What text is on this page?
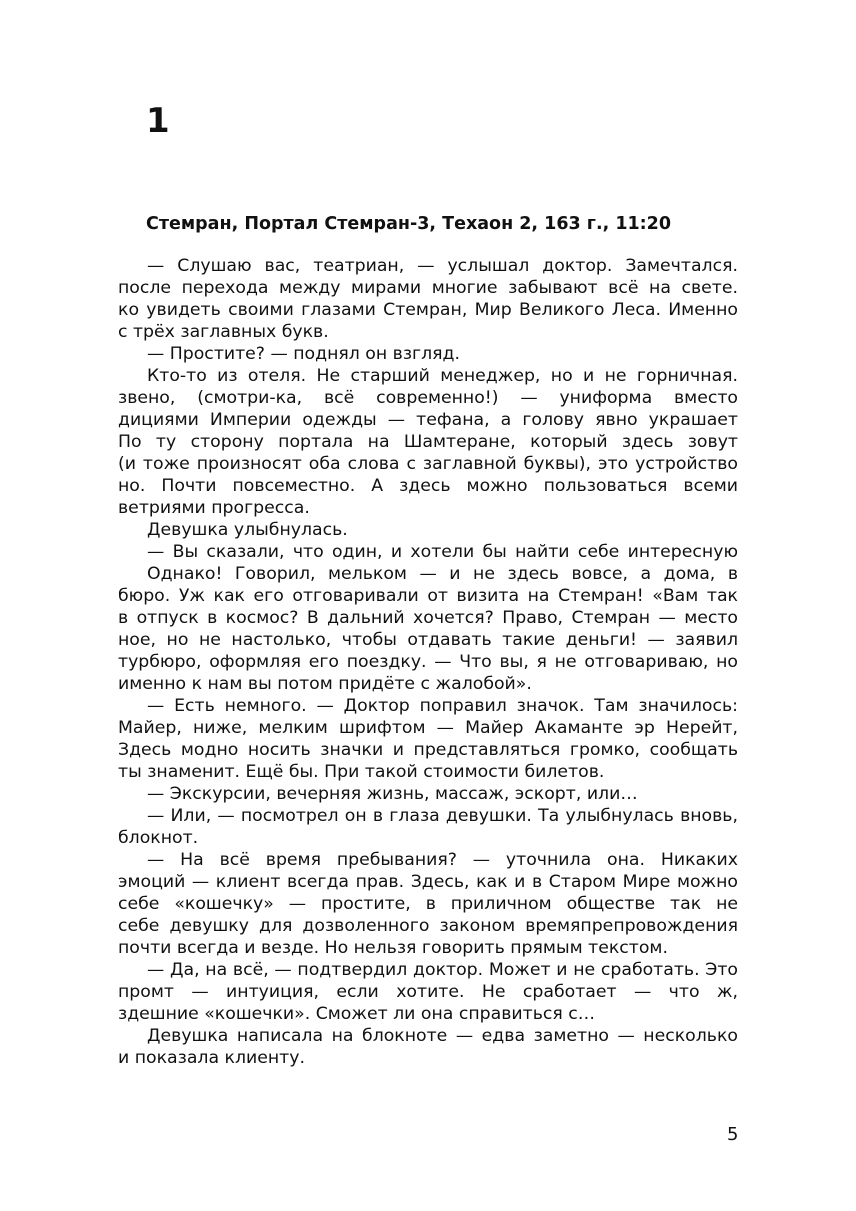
1
Стемран, Портал Стемран-3, Техаон 2, 163 г., 11:20
— Слушаю вас, театриан, — услышал доктор. Замечтался.
после перехода между мирами многие забывают всё на свете.
ко увидеть своими глазами Стемран, Мир Великого Леса. Именно
с трёх заглавных букв.
— Простите? — поднял он взгляд.
Кто-то из отеля. Не старший менеджер, но и не горничная.
звено, (смотри-ка, всё современно!) — униформа вместо
дициями Империи одежды — тефана, а голову явно украшает
По ту сторону портала на Шамтеране, который здесь зовут
(и тоже произносят оба слова с заглавной буквы), это устройство
но. Почти повсеместно. А здесь можно пользоваться всеми
ветриями прогресса.
Девушка улыбнулась.
— Вы сказали, что один, и хотели бы найти себе интересную
Однако! Говорил, мельком — и не здесь вовсе, а дома, в
бюро. Уж как его отговаривали от визита на Стемран! «Вам так
в отпуск в космос? В дальний хочется? Право, Стемран — место
ное, но не настолько, чтобы отдавать такие деньги! — заявил
турбюро, оформляя его поездку. — Что вы, я не отговариваю, но
именно к нам вы потом придёте с жалобой».
— Есть немного. — Доктор поправил значок. Там значилось:
Майер, ниже, мелким шрифтом — Майер Акаманте эр Нерейт,
Здесь модно носить значки и представляться громко, сообщать
ты знаменит. Ещё бы. При такой стоимости билетов.
— Экскурсии, вечерняя жизнь, массаж, эскорт, или…
— Или, — посмотрел он в глаза девушки. Та улыбнулась вновь,
блокнот.
— На всё время пребывания? — уточнила она. Никаких
эмоций — клиент всегда прав. Здесь, как и в Старом Мире можно
себе «кошечку» — простите, в приличном обществе так не
себе девушку для дозволенного законом времяпрепровождения
почти всегда и везде. Но нельзя говорить прямым текстом.
— Да, на всё, — подтвердил доктор. Может и не сработать. Это
промт — интуиция, если хотите. Не сработает — что ж,
здешние «кошечки». Сможет ли она справиться с…
Девушка написала на блокноте — едва заметно — несколько
и показала клиенту.
5
